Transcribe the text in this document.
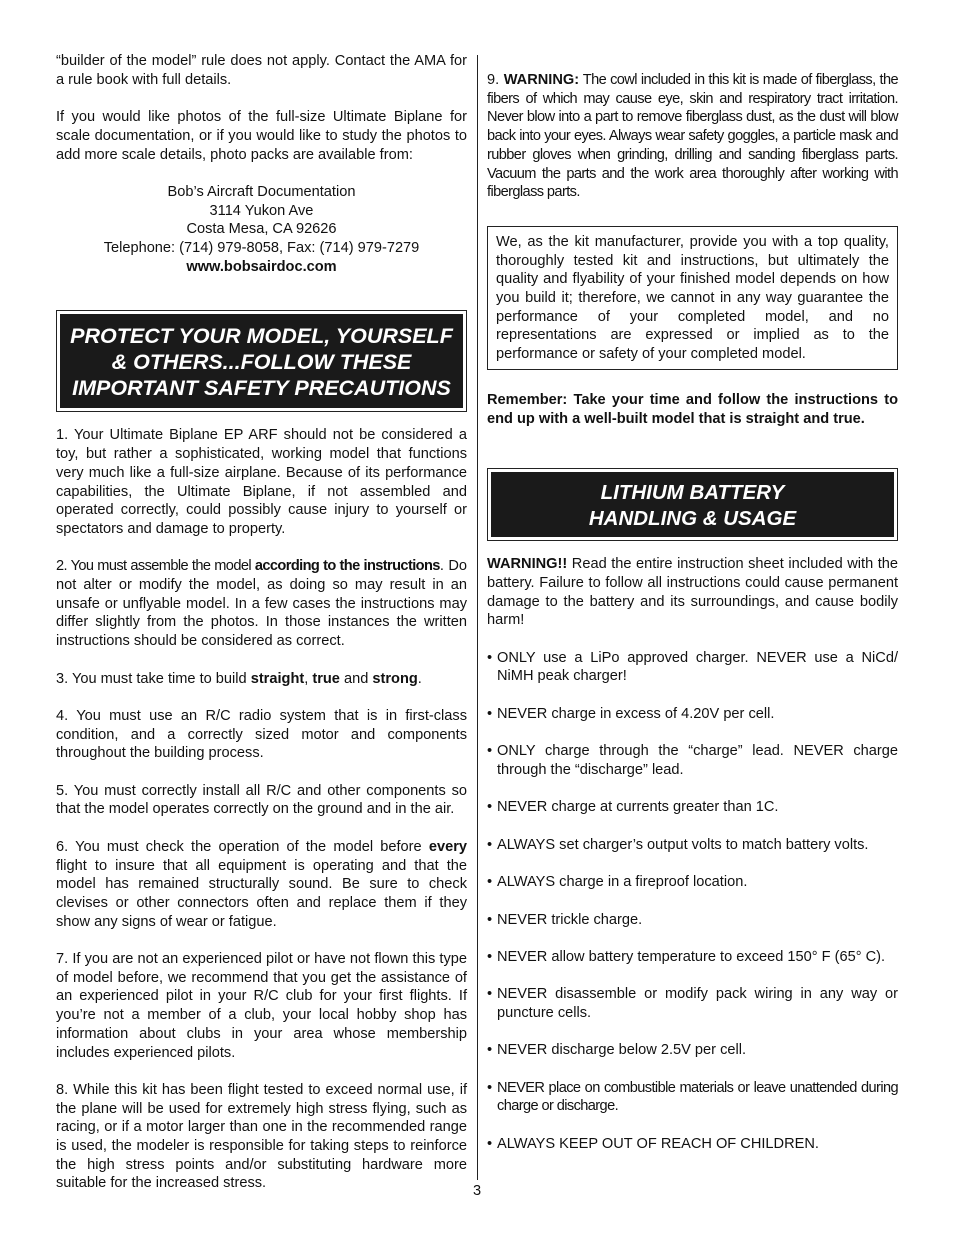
“builder of the model” rule does not apply. Contact the AMA for a rule book with full details.

If you would like photos of the full-size Ultimate Biplane for scale documentation, or if you would like to study the photos to add more scale details, photo packs are available from:

Bob’s Aircraft Documentation
3114 Yukon Ave
Costa Mesa, CA 92626
Telephone: (714) 979-8058, Fax: (714) 979-7279
www.bobsairdoc.com
PROTECT YOUR MODEL, YOURSELF
& OTHERS...FOLLOW THESE
IMPORTANT SAFETY PRECAUTIONS

1. Your Ultimate Biplane EP ARF should not be considered a toy, but rather a sophisticated, working model that functions very much like a full-size airplane. Because of its performance capabilities, the Ultimate Biplane, if not assembled and operated correctly, could possibly cause injury to yourself or spectators and damage to property.

2. You must assemble the model according to the instructions. Do not alter or modify the model, as doing so may result in an unsafe or unflyable model. In a few cases the instructions may differ slightly from the photos. In those instances the written instructions should be considered as correct.

3. You must take time to build straight, true and strong.

4. You must use an R/C radio system that is in first-class condition, and a correctly sized motor and components throughout the building process.

5. You must correctly install all R/C and other components so that the model operates correctly on the ground and in the air.

6. You must check the operation of the model before every flight to insure that all equipment is operating and that the model has remained structurally sound. Be sure to check clevises or other connectors often and replace them if they show any signs of wear or fatigue.

7. If you are not an experienced pilot or have not flown this type of model before, we recommend that you get the assistance of an experienced pilot in your R/C club for your first flights. If you’re not a member of a club, your local hobby shop has information about clubs in your area whose membership includes experienced pilots.

8. While this kit has been flight tested to exceed normal use, if the plane will be used for extremely high stress flying, such as racing, or if a motor larger than one in the recommended range is used, the modeler is responsible for taking steps to reinforce the high stress points and/or substituting hardware more suitable for the increased stress.

9. WARNING: The cowl included in this kit is made of fiberglass, the fibers of which may cause eye, skin and respiratory tract irritation. Never blow into a part to remove fiberglass dust, as the dust will blow back into your eyes. Always wear safety goggles, a particle mask and rubber gloves when grinding, drilling and sanding fiberglass parts. Vacuum the parts and the work area thoroughly after working with fiberglass parts.

We, as the kit manufacturer, provide you with a top quality, thoroughly tested kit and instructions, but ultimately the quality and flyability of your finished model depends on how you build it; therefore, we cannot in any way guarantee the performance of your completed model, and no representations are expressed or implied as to the performance or safety of your completed model.

Remember: Take your time and follow the instructions to end up with a well-built model that is straight and true.

LITHIUM BATTERY
HANDLING & USAGE

WARNING!! Read the entire instruction sheet included with the battery. Failure to follow all instructions could cause permanent damage to the battery and its surroundings, and cause bodily harm!

• ONLY use a LiPo approved charger. NEVER use a NiCd/ NiMH peak charger!
• NEVER charge in excess of 4.20V per cell.
• ONLY charge through the “charge” lead. NEVER charge through the “discharge” lead.
• NEVER charge at currents greater than 1C.
• ALWAYS set charger’s output volts to match battery volts.
• ALWAYS charge in a fireproof location.
• NEVER trickle charge.
• NEVER allow battery temperature to exceed 150° F (65° C).
• NEVER disassemble or modify pack wiring in any way or puncture cells.
• NEVER discharge below 2.5V per cell.
• NEVER place on combustible materials or leave unattended during charge or discharge.
• ALWAYS KEEP OUT OF REACH OF CHILDREN.
3
